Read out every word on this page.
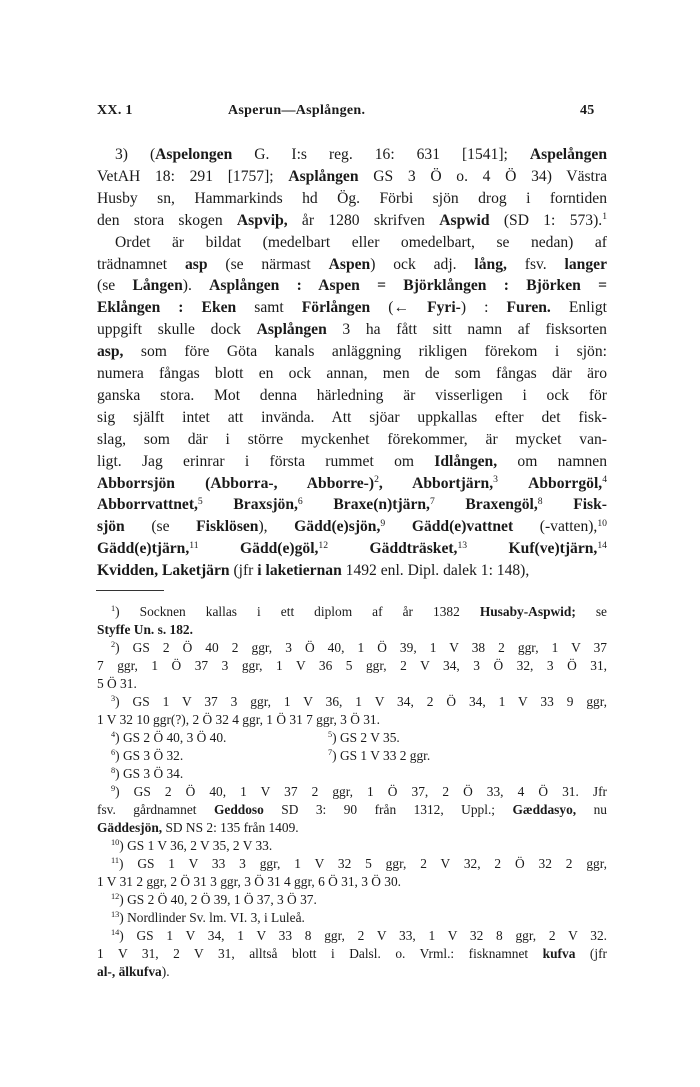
XX. 1	Asperun—Asplången.	45
3) (Aspelongen G. I:s reg. 16: 631 [1541]; Aspelången
VetAH 18: 291 [1757]; Asplången GS 3 Ö o. 4 Ö 34) Västra
Husby sn, Hammarkinds hd Ög. Förbi sjön drog i forntiden
den stora skogen Aspviþ, år 1280 skrifven Aspwid (SD 1: 573).$^1$
Ordet är bildat (medelbart eller omedelbart, se nedan) af
trädnamnet asp (se närmast Aspen) ock adj. lång, fsv. langer
(se Lången). Asplången : Aspen = Björklången : Björken =
Eklången : Eken samt Förlången (← Fyri-) : Furen. Enligt
uppgift skulle dock Asplången 3 ha fått sitt namn af fisksorten
asp, som före Göta kanals anläggning rikligen förekom i sjön:
numera fångas blott en ock annan, men de som fångas där äro
ganska stora. Mot denna härledning är visserligen i ock för
sig själft intet att invända. Att sjöar uppkallas efter det fisk-
slag, som där i större myckenhet förekommer, är mycket van-
ligt. Jag erinrar i första rummet om Idlången, om namnen
Abborrsjön (Abborra-, Abborre-)$^2$, Abbortjärn,$^3$ Abborrgöl,$^4$
Abborrvattnet,$^5$ Braxsjön,$^6$ Braxe(n)tjärn,$^7$ Braxengöl,$^8$ Fisk-
sjön (se Fisklösen), Gädd(e)sjön,$^9$ Gädd(e)vattnet (-vatten),$^{10}$
Gädd(e)tjärn,$^{11}$	Gädd(e)göl,$^{12}$	Gäddträsket,$^{13}$	Kuf(ve)tjärn,$^{14}$
Kvidden, Laketjärn (jfr i laketiernan 1492 enl. Dipl. dalek 1: 148),
$^1$) Socknen kallas i ett diplom af år 1382 Husaby-Aspwid; se
Styffe Un. s. 182.
$^2$) GS 2 Ö 40 2 ggr, 3 Ö 40, 1 Ö 39, 1 V 38 2 ggr, 1 V 37
7 ggr, 1 Ö 37 3 ggr, 1 V 36 5 ggr, 2 V 34, 3 Ö 32, 3 Ö 31,
5 Ö 31.
$^3$) GS 1 V 37 3 ggr, 1 V 36, 1 V 34, 2 Ö 34, 1 V 33 9 ggr,
1 V 32 10 ggr(?), 2 Ö 32 4 ggr, 1 Ö 31 7 ggr, 3 Ö 31.
$^4$) GS 2 Ö 40, 3 Ö 40.	$^5$) GS 2 V 35.
$^6$) GS 3 Ö 32.	$^7$) GS 1 V 33 2 ggr.
$^8$) GS 3 Ö 34.
$^9$) GS 2 Ö 40, 1 V 37 2 ggr, 1 Ö 37, 2 Ö 33, 4 Ö 31. Jfr
fsv. gårdnamnet Geddoso SD 3: 90 från 1312, Uppl.; Gæddasyo, nu
Gäddesjön, SD NS 2: 135 från 1409.
$^{10}$) GS 1 V 36, 2 V 35, 2 V 33.
$^{11}$) GS 1 V 33 3 ggr, 1 V 32 5 ggr, 2 V 32, 2 Ö 32 2 ggr,
1 V 31 2 ggr, 2 Ö 31 3 ggr, 3 Ö 31 4 ggr, 6 Ö 31, 3 Ö 30.
$^{12}$) GS 2 Ö 40, 2 Ö 39, 1 Ö 37, 3 Ö 37.
$^{13}$) Nordlinder Sv. lm. VI. 3, i Luleå.
$^{14}$) GS 1 V 34, 1 V 33 8 ggr, 2 V 33, 1 V 32 8 ggr, 2 V 32.
1 V 31, 2 V 31, alltså blott i Dalsl. o. Vrml.: fisknamnet kufva (jfr
al-, älkufva).
